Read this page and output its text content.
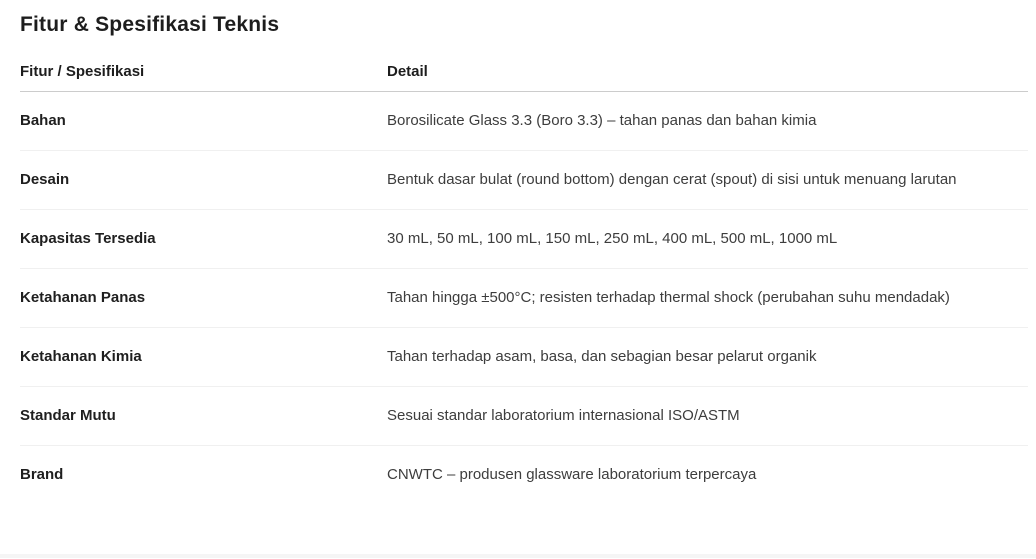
Fitur & Spesifikasi Teknis
Fitur / Spesifikasi	Detail
Bahan	Borosilicate Glass 3.3 (Boro 3.3) – tahan panas dan bahan kimia
Desain	Bentuk dasar bulat (round bottom) dengan cerat (spout) di sisi untuk menuang larutan
Kapasitas Tersedia	30 mL, 50 mL, 100 mL, 150 mL, 250 mL, 400 mL, 500 mL, 1000 mL
Ketahanan Panas	Tahan hingga ±500°C; resisten terhadap thermal shock (perubahan suhu mendadak)
Ketahanan Kimia	Tahan terhadap asam, basa, dan sebagian besar pelarut organik
Standar Mutu	Sesuai standar laboratorium internasional ISO/ASTM
Brand	CNWTC – produsen glassware laboratorium terpercaya
